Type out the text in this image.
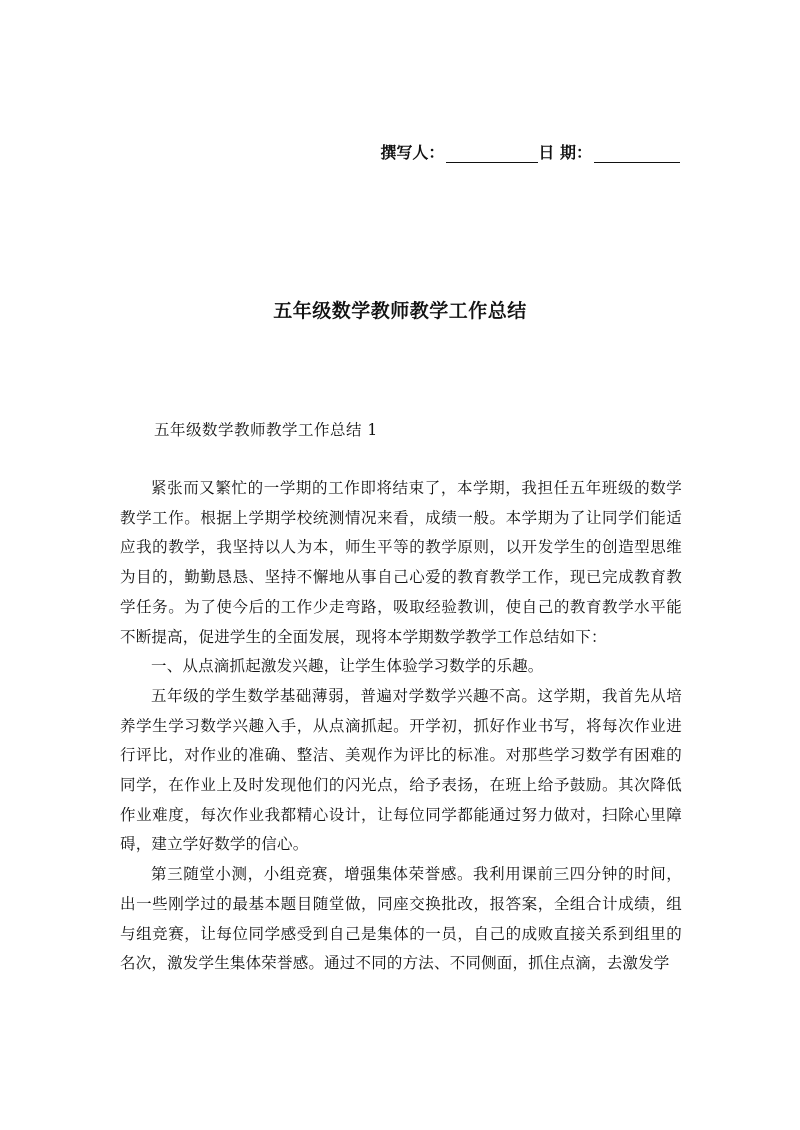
撰写人：	日 期：
五年级数学教师教学工作总结
五年级数学教师教学工作总结 1

紧张而又繁忙的一学期的工作即将结束了，本学期，我担任五年班级的数学教学工作。根据上学期学校统测情况来看，成绩一般。本学期为了让同学们能适应我的教学，我坚持以人为本，师生平等的教学原则，以开发学生的创造型思维为目的，勤勤恳恳、坚持不懈地从事自己心爱的教育教学工作，现已完成教育教学任务。为了使今后的工作少走弯路，吸取经验教训，使自己的教育教学水平能不断提高，促进学生的全面发展，现将本学期数学教学工作总结如下：

一、从点滴抓起激发兴趣，让学生体验学习数学的乐趣。

五年级的学生数学基础薄弱，普遍对学数学兴趣不高。这学期，我首先从培养学生学习数学兴趣入手，从点滴抓起。开学初，抓好作业书写，将每次作业进行评比，对作业的准确、整洁、美观作为评比的标准。对那些学习数学有困难的同学，在作业上及时发现他们的闪光点，给予表扬，在班上给予鼓励。其次降低作业难度，每次作业我都精心设计，让每位同学都能通过努力做对，扫除心里障碍，建立学好数学的信心。

第三随堂小测，小组竞赛，增强集体荣誉感。我利用课前三四分钟的时间，出一些刚学过的最基本题目随堂做，同座交换批改，报答案，全组合计成绩，组与组竞赛，让每位同学感受到自己是集体的一员，自己的成败直接关系到组里的名次，激发学生集体荣誉感。通过不同的方法、不同侧面，抓住点滴，去激发学
